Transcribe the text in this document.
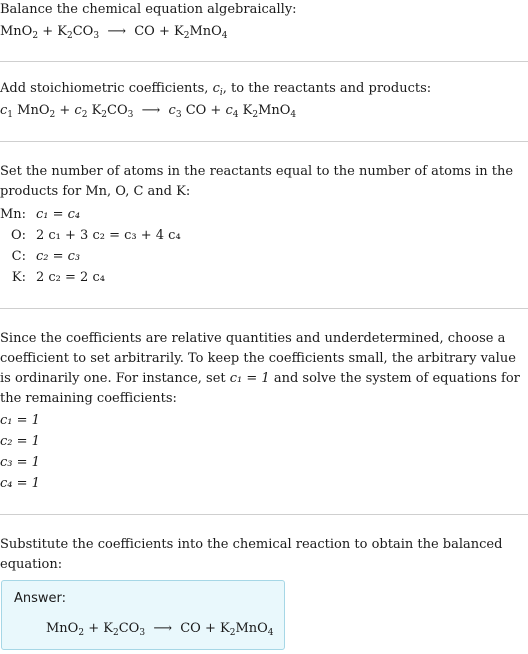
Balance the chemical equation algebraically:

$MnO_2 + K_2CO_3$ ⟶ CO + $K_2MnO_4$

Add stoichiometric coefficients, $c_i$, to the reactants and products:

$c_1$ $MnO_2 + c_2$ $K_2CO_3$ ⟶ $c_3$ CO + $c_4$ $K_2MnO_4$

Set the number of atoms in the reactants equal to the number of atoms in the products for Mn, O, C and K:

Mn: c₁ = c₄
O: 2 c₁ + 3 c₂ = c₃ + 4 c₄
C: c₂ = c₃
K: 2 c₂ = 2 c₄

Since the coefficients are relative quantities and underdetermined, choose a coefficient to set arbitrarily. To keep the coefficients small, the arbitrary value is ordinarily one. For instance, set c₁ = 1 and solve the system of equations for the remaining coefficients:

c₁ = 1
c₂ = 1
c₃ = 1
c₄ = 1

Substitute the coefficients into the chemical reaction to obtain the balanced equation:

Answer:
$MnO_2 + K_2CO_3$ ⟶ CO + $K_2MnO_4$
